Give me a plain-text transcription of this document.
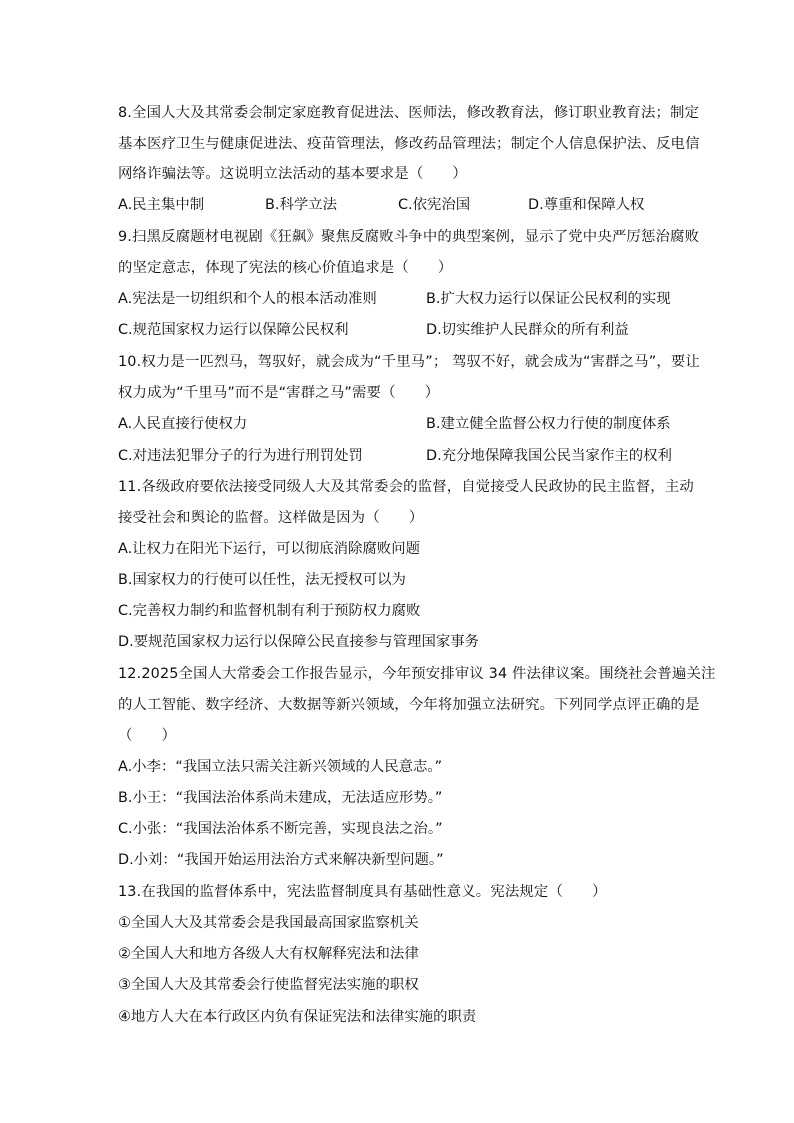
8.全国人大及其常委会制定家庭教育促进法、医师法，修改教育法，修订职业教育法；制定
基本医疗卫生与健康促进法、疫苗管理法，修改药品管理法；制定个人信息保护法、反电信
网络诈骗法等。这说明立法活动的基本要求是（　　）
A.民主集中制	B.科学立法	C.依宪治国	D.尊重和保障人权
9.扫黑反腐题材电视剧《狂飙》聚焦反腐败斗争中的典型案例，显示了党中央严厉惩治腐败
的坚定意志，体现了宪法的核心价值追求是（　　）
A.宪法是一切组织和个人的根本活动准则	B.扩大权力运行以保证公民权利的实现
C.规范国家权力运行以保障公民权利	D.切实维护人民群众的所有利益
10.权力是一匹烈马，驾驭好，就会成为“千里马”； 驾驭不好，就会成为“害群之马”，要让
权力成为“千里马”而不是“害群之马”需要（　　）
A.人民直接行使权力	B.建立健全监督公权力行使的制度体系
C.对违法犯罪分子的行为进行刑罚处罚	D.充分地保障我国公民当家作主的权利
11.各级政府要依法接受同级人大及其常委会的监督，自觉接受人民政协的民主监督，主动
接受社会和舆论的监督。这样做是因为（　　）
A.让权力在阳光下运行，可以彻底消除腐败问题
B.国家权力的行使可以任性，法无授权可以为
C.完善权力制约和监督机制有利于预防权力腐败
D.要规范国家权力运行以保障公民直接参与管理国家事务
12.2025全国人大常委会工作报告显示，今年预安排审议 34 件法律议案。围绕社会普遍关注
的人工智能、数字经济、大数据等新兴领域，今年将加强立法研究。下列同学点评正确的是
（　　）
A.小李：“我国立法只需关注新兴领域的人民意志。”
B.小王：“我国法治体系尚未建成，无法适应形势。”
C.小张：“我国法治体系不断完善，实现良法之治。”
D.小刘：“我国开始运用法治方式来解决新型问题。”
13.在我国的监督体系中，宪法监督制度具有基础性意义。宪法规定（　　）
①全国人大及其常委会是我国最高国家监察机关
②全国人大和地方各级人大有权解释宪法和法律
③全国人大及其常委会行使监督宪法实施的职权
④地方人大在本行政区内负有保证宪法和法律实施的职责
